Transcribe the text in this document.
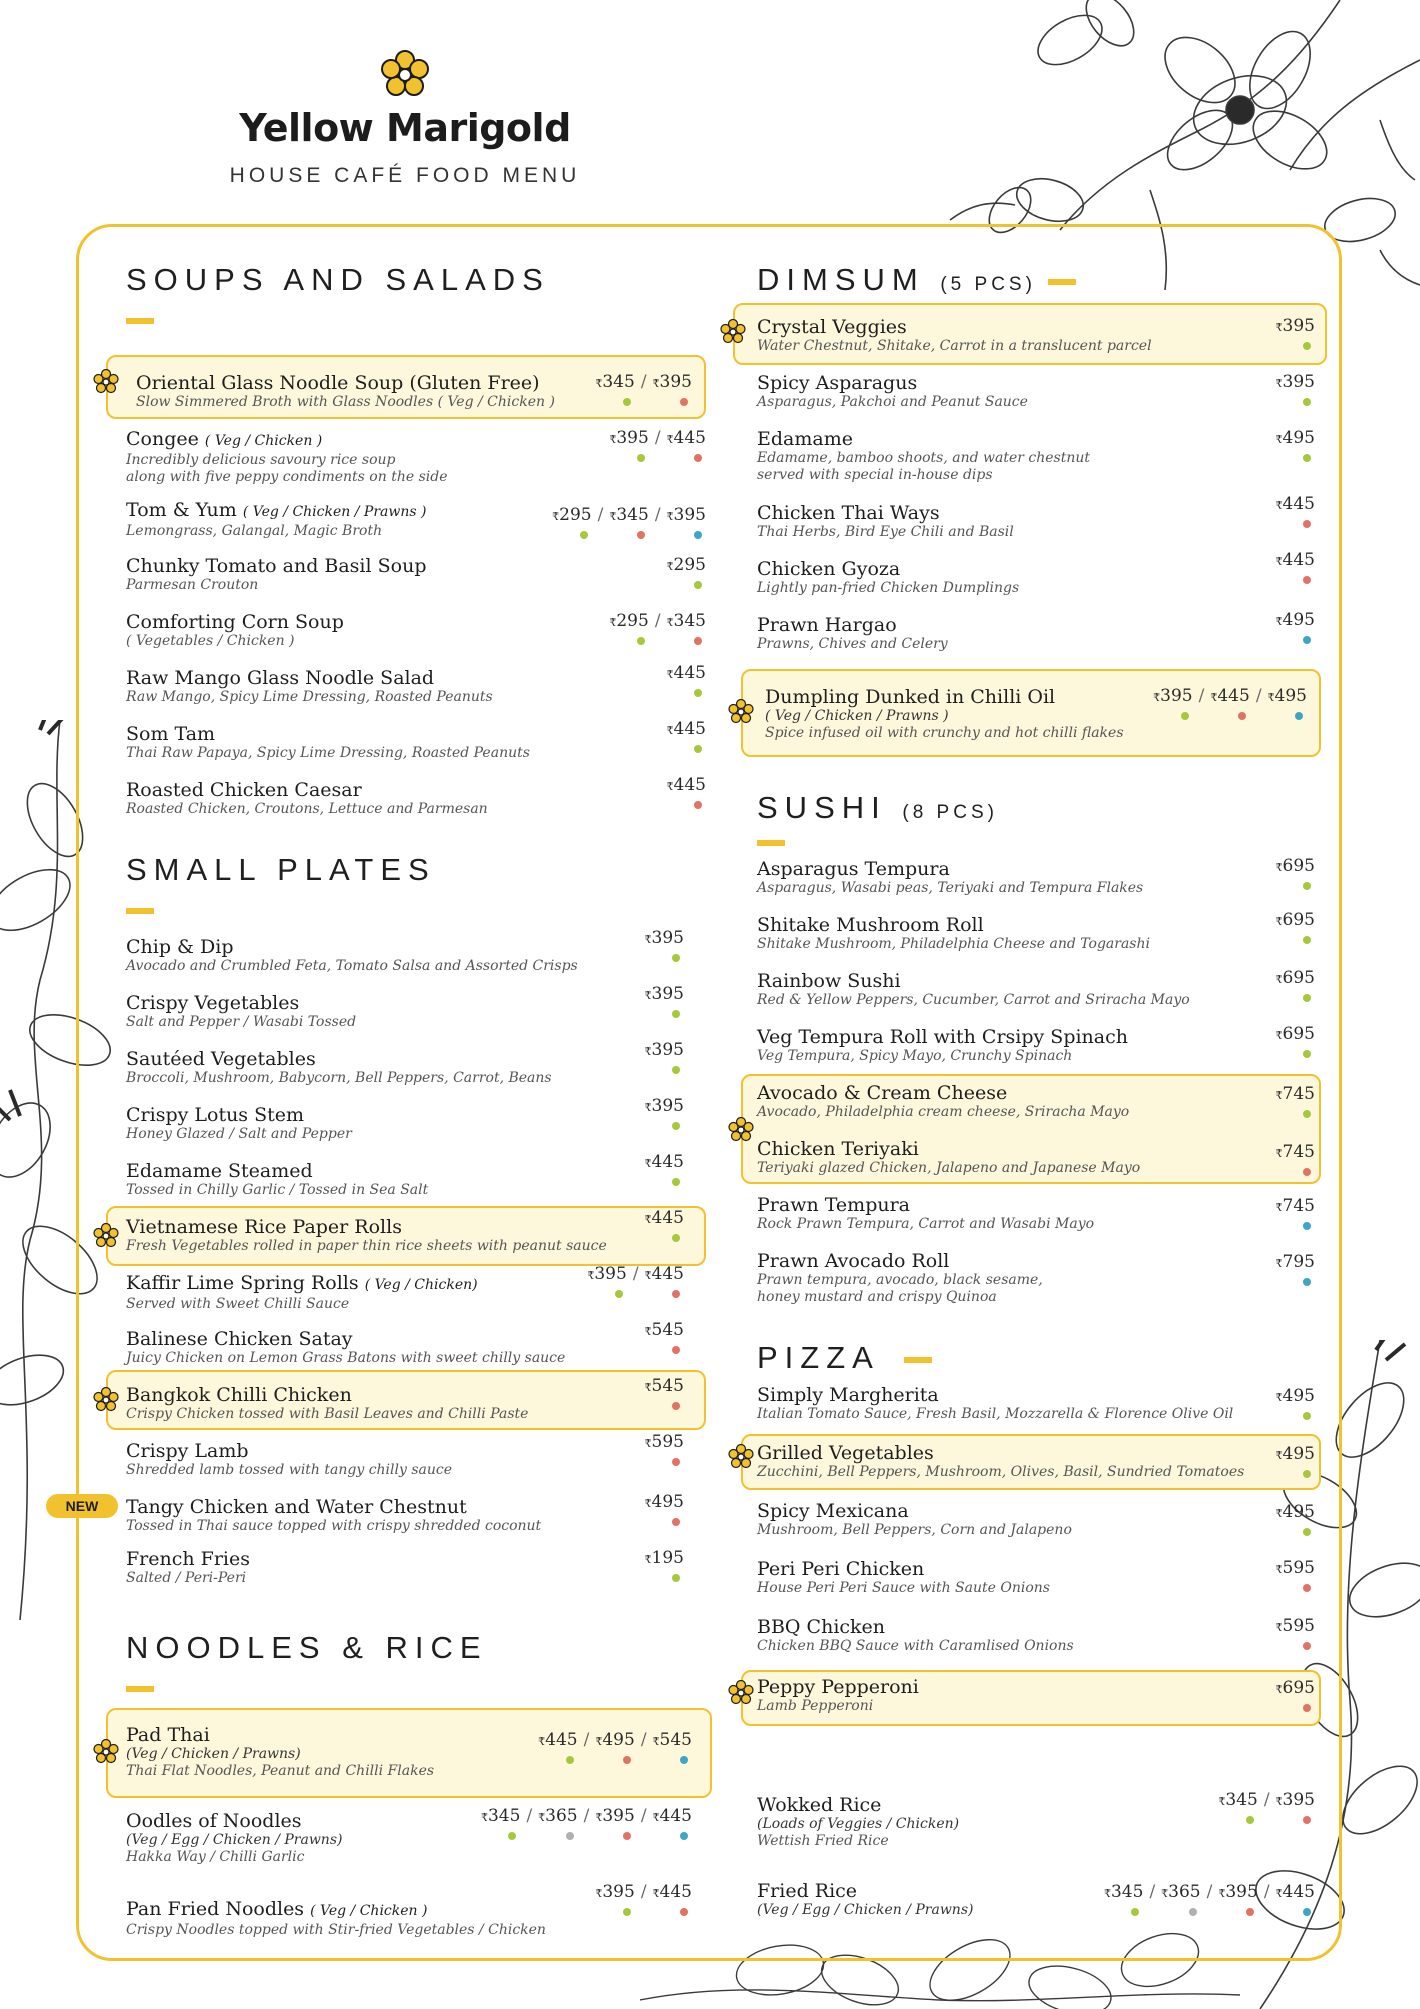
Yellow Marigold
HOUSE CAFÉ FOOD MENU
SOUPS AND SALADS
Oriental Glass Noodle Soup (Gluten Free)
Slow Simmered Broth with Glass Noodles ( Veg / Chicken )
₹345 / ₹395
Congee ( Veg / Chicken )
Incredibly delicious savoury rice soup
along with five peppy condiments on the side
₹395 / ₹445
Tom & Yum ( Veg / Chicken / Prawns )
Lemongrass, Galangal, Magic Broth
₹295 / ₹345 / ₹395
Chunky Tomato and Basil Soup
Parmesan Crouton
₹295
Comforting Corn Soup
( Vegetables / Chicken )
₹295 / ₹345
Raw Mango Glass Noodle Salad
Raw Mango, Spicy Lime Dressing, Roasted Peanuts
₹445
Som Tam
Thai Raw Papaya, Spicy Lime Dressing, Roasted Peanuts
₹445
Roasted Chicken Caesar
Roasted Chicken, Croutons, Lettuce and Parmesan
₹445
SMALL PLATES
Chip & Dip
Avocado and Crumbled Feta, Tomato Salsa and Assorted Crisps
₹395
Crispy Vegetables
Salt and Pepper / Wasabi Tossed
₹395
Sautéed Vegetables
Broccoli, Mushroom, Babycorn, Bell Peppers, Carrot, Beans
₹395
Crispy Lotus Stem
Honey Glazed / Salt and Pepper
₹395
Edamame Steamed
Tossed in Chilly Garlic / Tossed in Sea Salt
₹445
Vietnamese Rice Paper Rolls
Fresh Vegetables rolled in paper thin rice sheets with peanut sauce
₹445
Kaffir Lime Spring Rolls ( Veg / Chicken)
Served with Sweet Chilli Sauce
₹395 / ₹445
Balinese Chicken Satay
Juicy Chicken on Lemon Grass Batons with sweet chilly sauce
₹545
Bangkok Chilli Chicken
Crispy Chicken tossed with Basil Leaves and Chilli Paste
₹545
Crispy Lamb
Shredded lamb tossed with tangy chilly sauce
₹595
Tangy Chicken and Water Chestnut
Tossed in Thai sauce topped with crispy shredded coconut
₹495
French Fries
Salted / Peri-Peri
₹195
NOODLES & RICE
Pad Thai
(Veg / Chicken / Prawns)
Thai Flat Noodles, Peanut and Chilli Flakes
₹445 / ₹495 / ₹545
Oodles of Noodles
(Veg / Egg / Chicken / Prawns)
Hakka Way / Chilli Garlic
₹345 / ₹365 / ₹395 / ₹445
Pan Fried Noodles ( Veg / Chicken )
Crispy Noodles topped with Stir-fried Vegetables / Chicken
₹395 / ₹445
DIMSUM (5 PCS)
Crystal Veggies
Water Chestnut, Shitake, Carrot in a translucent parcel
₹395
Spicy Asparagus
Asparagus, Pakchoi and Peanut Sauce
₹395
Edamame
Edamame, bamboo shoots, and water chestnut
served with special in-house dips
₹495
Chicken Thai Ways
Thai Herbs, Bird Eye Chili and Basil
₹445
Chicken Gyoza
Lightly pan-fried Chicken Dumplings
₹445
Prawn Hargao
Prawns, Chives and Celery
₹495
Dumpling Dunked in Chilli Oil
( Veg / Chicken / Prawns )
Spice infused oil with crunchy and hot chilli flakes
₹395 / ₹445 / ₹495
SUSHI (8 PCS)
Asparagus Tempura
Asparagus, Wasabi peas, Teriyaki and Tempura Flakes
₹695
Shitake Mushroom Roll
Shitake Mushroom, Philadelphia Cheese and Togarashi
₹695
Rainbow Sushi
Red & Yellow Peppers, Cucumber, Carrot and Sriracha Mayo
₹695
Veg Tempura Roll with Crsipy Spinach
Veg Tempura, Spicy Mayo, Crunchy Spinach
₹695
Avocado & Cream Cheese
Avocado, Philadelphia cream cheese, Sriracha Mayo
₹745
Chicken Teriyaki
Teriyaki glazed Chicken, Jalapeno and Japanese Mayo
₹745
Prawn Tempura
Rock Prawn Tempura, Carrot and Wasabi Mayo
₹745
Prawn Avocado Roll
Prawn tempura, avocado, black sesame,
honey mustard and crispy Quinoa
₹795
PIZZA
Simply Margherita
Italian Tomato Sauce, Fresh Basil, Mozzarella & Florence Olive Oil
₹495
Grilled Vegetables
Zucchini, Bell Peppers, Mushroom, Olives, Basil, Sundried Tomatoes
₹495
Spicy Mexicana
Mushroom, Bell Peppers, Corn and Jalapeno
₹495
Peri Peri Chicken
House Peri Peri Sauce with Saute Onions
₹595
BBQ Chicken
Chicken BBQ Sauce with Caramlised Onions
₹595
Peppy Pepperoni
Lamb Pepperoni
₹695
Wokked Rice
(Loads of Veggies / Chicken)
Wettish Fried Rice
₹345 / ₹395
Fried Rice
(Veg / Egg / Chicken / Prawns)
₹345 / ₹365 / ₹395 / ₹445
NEW
